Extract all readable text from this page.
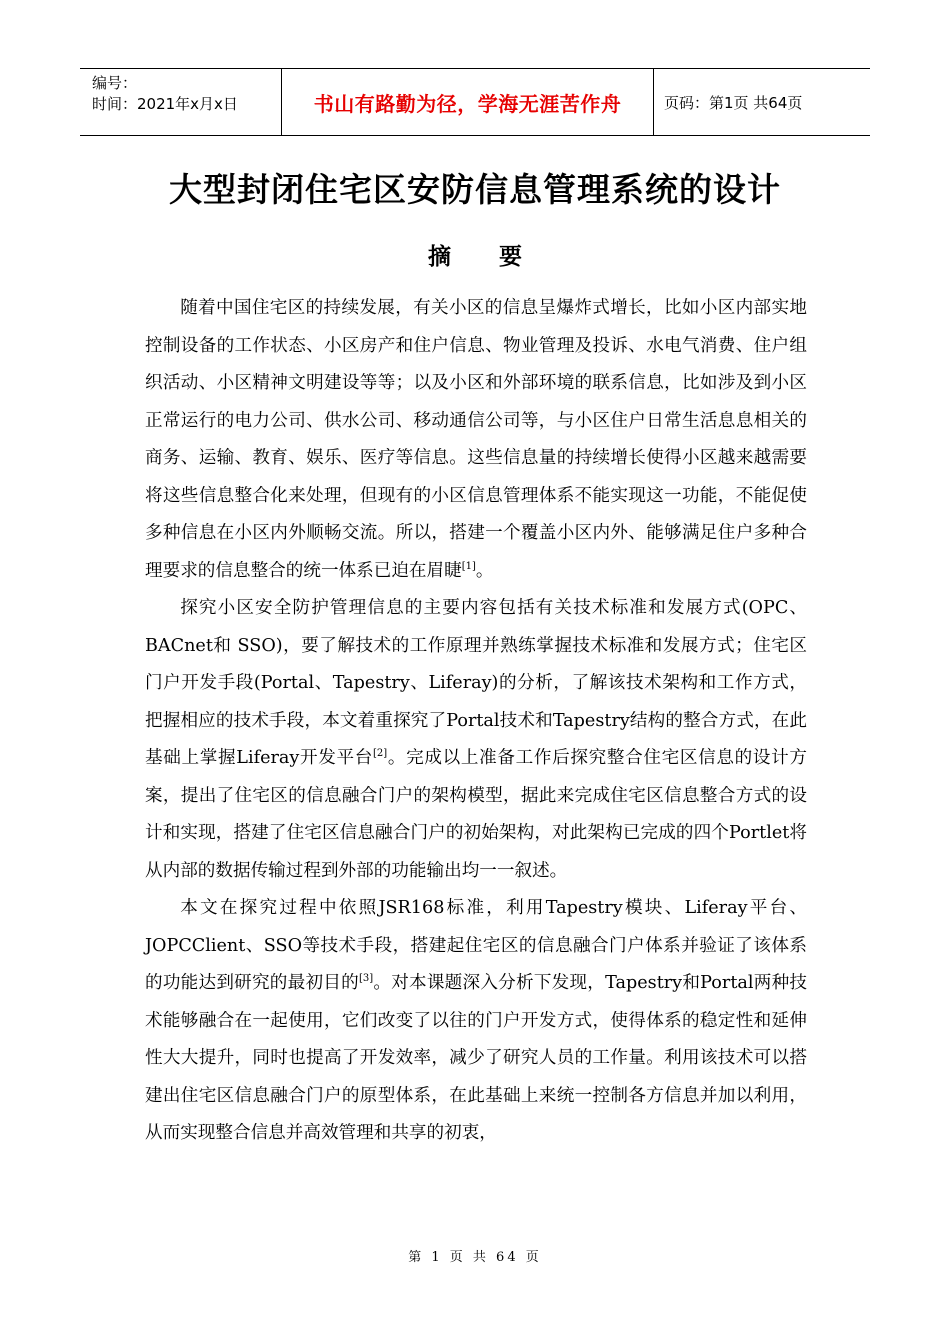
编号：
时间：2021年x月x日	书山有路勤为径，学海无涯苦作舟	页码：第1页 共64页
大型封闭住宅区安防信息管理系统的设计
摘要

随着中国住宅区的持续发展，有关小区的信息呈爆炸式增长，比如小区内部实地控制设备的工作状态、小区房产和住户信息、物业管理及投诉、水电气消费、住户组织活动、小区精神文明建设等等；以及小区和外部环境的联系信息，比如涉及到小区正常运行的电力公司、供水公司、移动通信公司等，与小区住户日常生活息息相关的商务、运输、教育、娱乐、医疗等信息。这些信息量的持续增长使得小区越来越需要将这些信息整合化来处理，但现有的小区信息管理体系不能实现这一功能，不能促使多种信息在小区内外顺畅交流。所以，搭建一个覆盖小区内外、能够满足住户多种合理要求的信息整合的统一体系已迫在眉睫[1]。

探究小区安全防护管理信息的主要内容包括有关技术标准和发展方式(OPC、BACnet和 SSO)，要了解技术的工作原理并熟练掌握技术标准和发展方式；住宅区门户开发手段(Portal、Tapestry、Liferay)的分析，了解该技术架构和工作方式，把握相应的技术手段，本文着重探究了Portal技术和Tapestry结构的整合方式，在此基础上掌握Liferay开发平台[2]。完成以上准备工作后探究整合住宅区信息的设计方案，提出了住宅区的信息融合门户的架构模型，据此来完成住宅区信息整合方式的设计和实现，搭建了住宅区信息融合门户的初始架构，对此架构已完成的四个Portlet将从内部的数据传输过程到外部的功能输出均一一叙述。

本文在探究过程中依照JSR168标准，利用Tapestry模块、Liferay平台、JOPCClient、SSO等技术手段，搭建起住宅区的信息融合门户体系并验证了该体系的功能达到研究的最初目的[3]。对本课题深入分析下发现，Tapestry和Portal两种技术能够融合在一起使用，它们改变了以往的门户开发方式，使得体系的稳定性和延伸性大大提升，同时也提高了开发效率，减少了研究人员的工作量。利用该技术可以搭建出住宅区信息融合门户的原型体系，在此基础上来统一控制各方信息并加以利用，从而实现整合信息并高效管理和共享的初衷，

第 1 页 共 64 页
